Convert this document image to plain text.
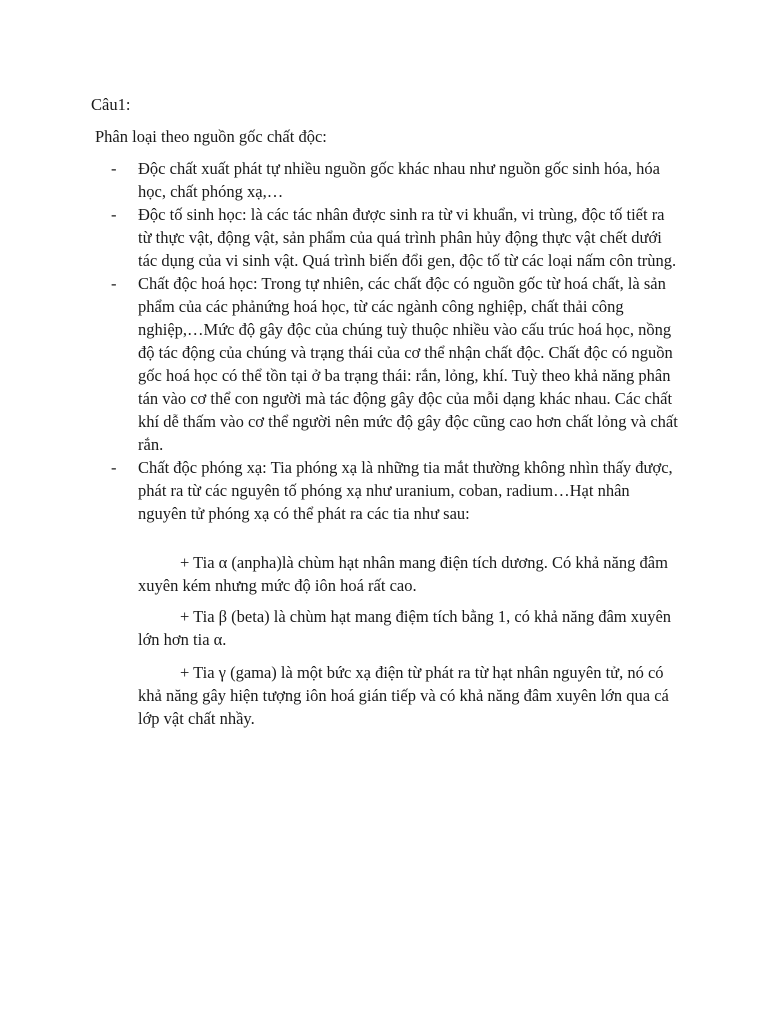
Câu1:
Phân loại theo nguồn gốc chất độc:
- Độc chất xuất phát tự nhiều nguồn gốc khác nhau như nguồn gốc sinh hóa, hóa học, chất phóng xạ,…
- Độc tố sinh học: là các tác nhân được sinh ra từ vi khuẩn, vi trùng, độc tố tiết ra từ thực vật, động vật, sản phẩm của quá trình phân hủy động thực vật chết dưới tác dụng của vi sinh vật. Quá trình biến đổi gen, độc tố từ các loại nấm côn trùng.
- Chất độc hoá học: Trong tự nhiên, các chất độc có nguồn gốc từ hoá chất, là sản phẩm của các phảnứng hoá học, từ các ngành công nghiệp, chất thải công nghiệp,…Mức độ gây độc của chúng tuỳ thuộc nhiều vào cấu trúc hoá học, nồng độ tác động của chúng và trạng thái của cơ thể nhận chất độc. Chất độc có nguồn gốc hoá học có thể tồn tại ở ba trạng thái: rắn, lỏng, khí. Tuỳ theo khả năng phân tán vào cơ thể con người mà tác động gây độc của mỗi dạng khác nhau. Các chất khí dễ thấm vào cơ thể người nên mức độ gây độc cũng cao hơn chất lỏng và chất rắn.
- Chất độc phóng xạ: Tia phóng xạ là những tia mắt thường không nhìn thấy được, phát ra từ các nguyên tố phóng xạ như uranium, coban, radium…Hạt nhân nguyên tử phóng xạ có thể phát ra các tia như sau:
+ Tia α (anpha)là chùm hạt nhân mang điện tích dương. Có khả năng đâm xuyên kém nhưng mức độ iôn hoá rất cao.
+ Tia β (beta) là chùm hạt mang điệm tích bằng 1, có khả năng đâm xuyên lớn hơn tia α.
+ Tia γ (gama) là một bức xạ điện từ phát ra từ hạt nhân nguyên tử, nó có khả năng gây hiện tượng iôn hoá gián tiếp và có khả năng đâm xuyên lớn qua cá lớp vật chất nhầy.
